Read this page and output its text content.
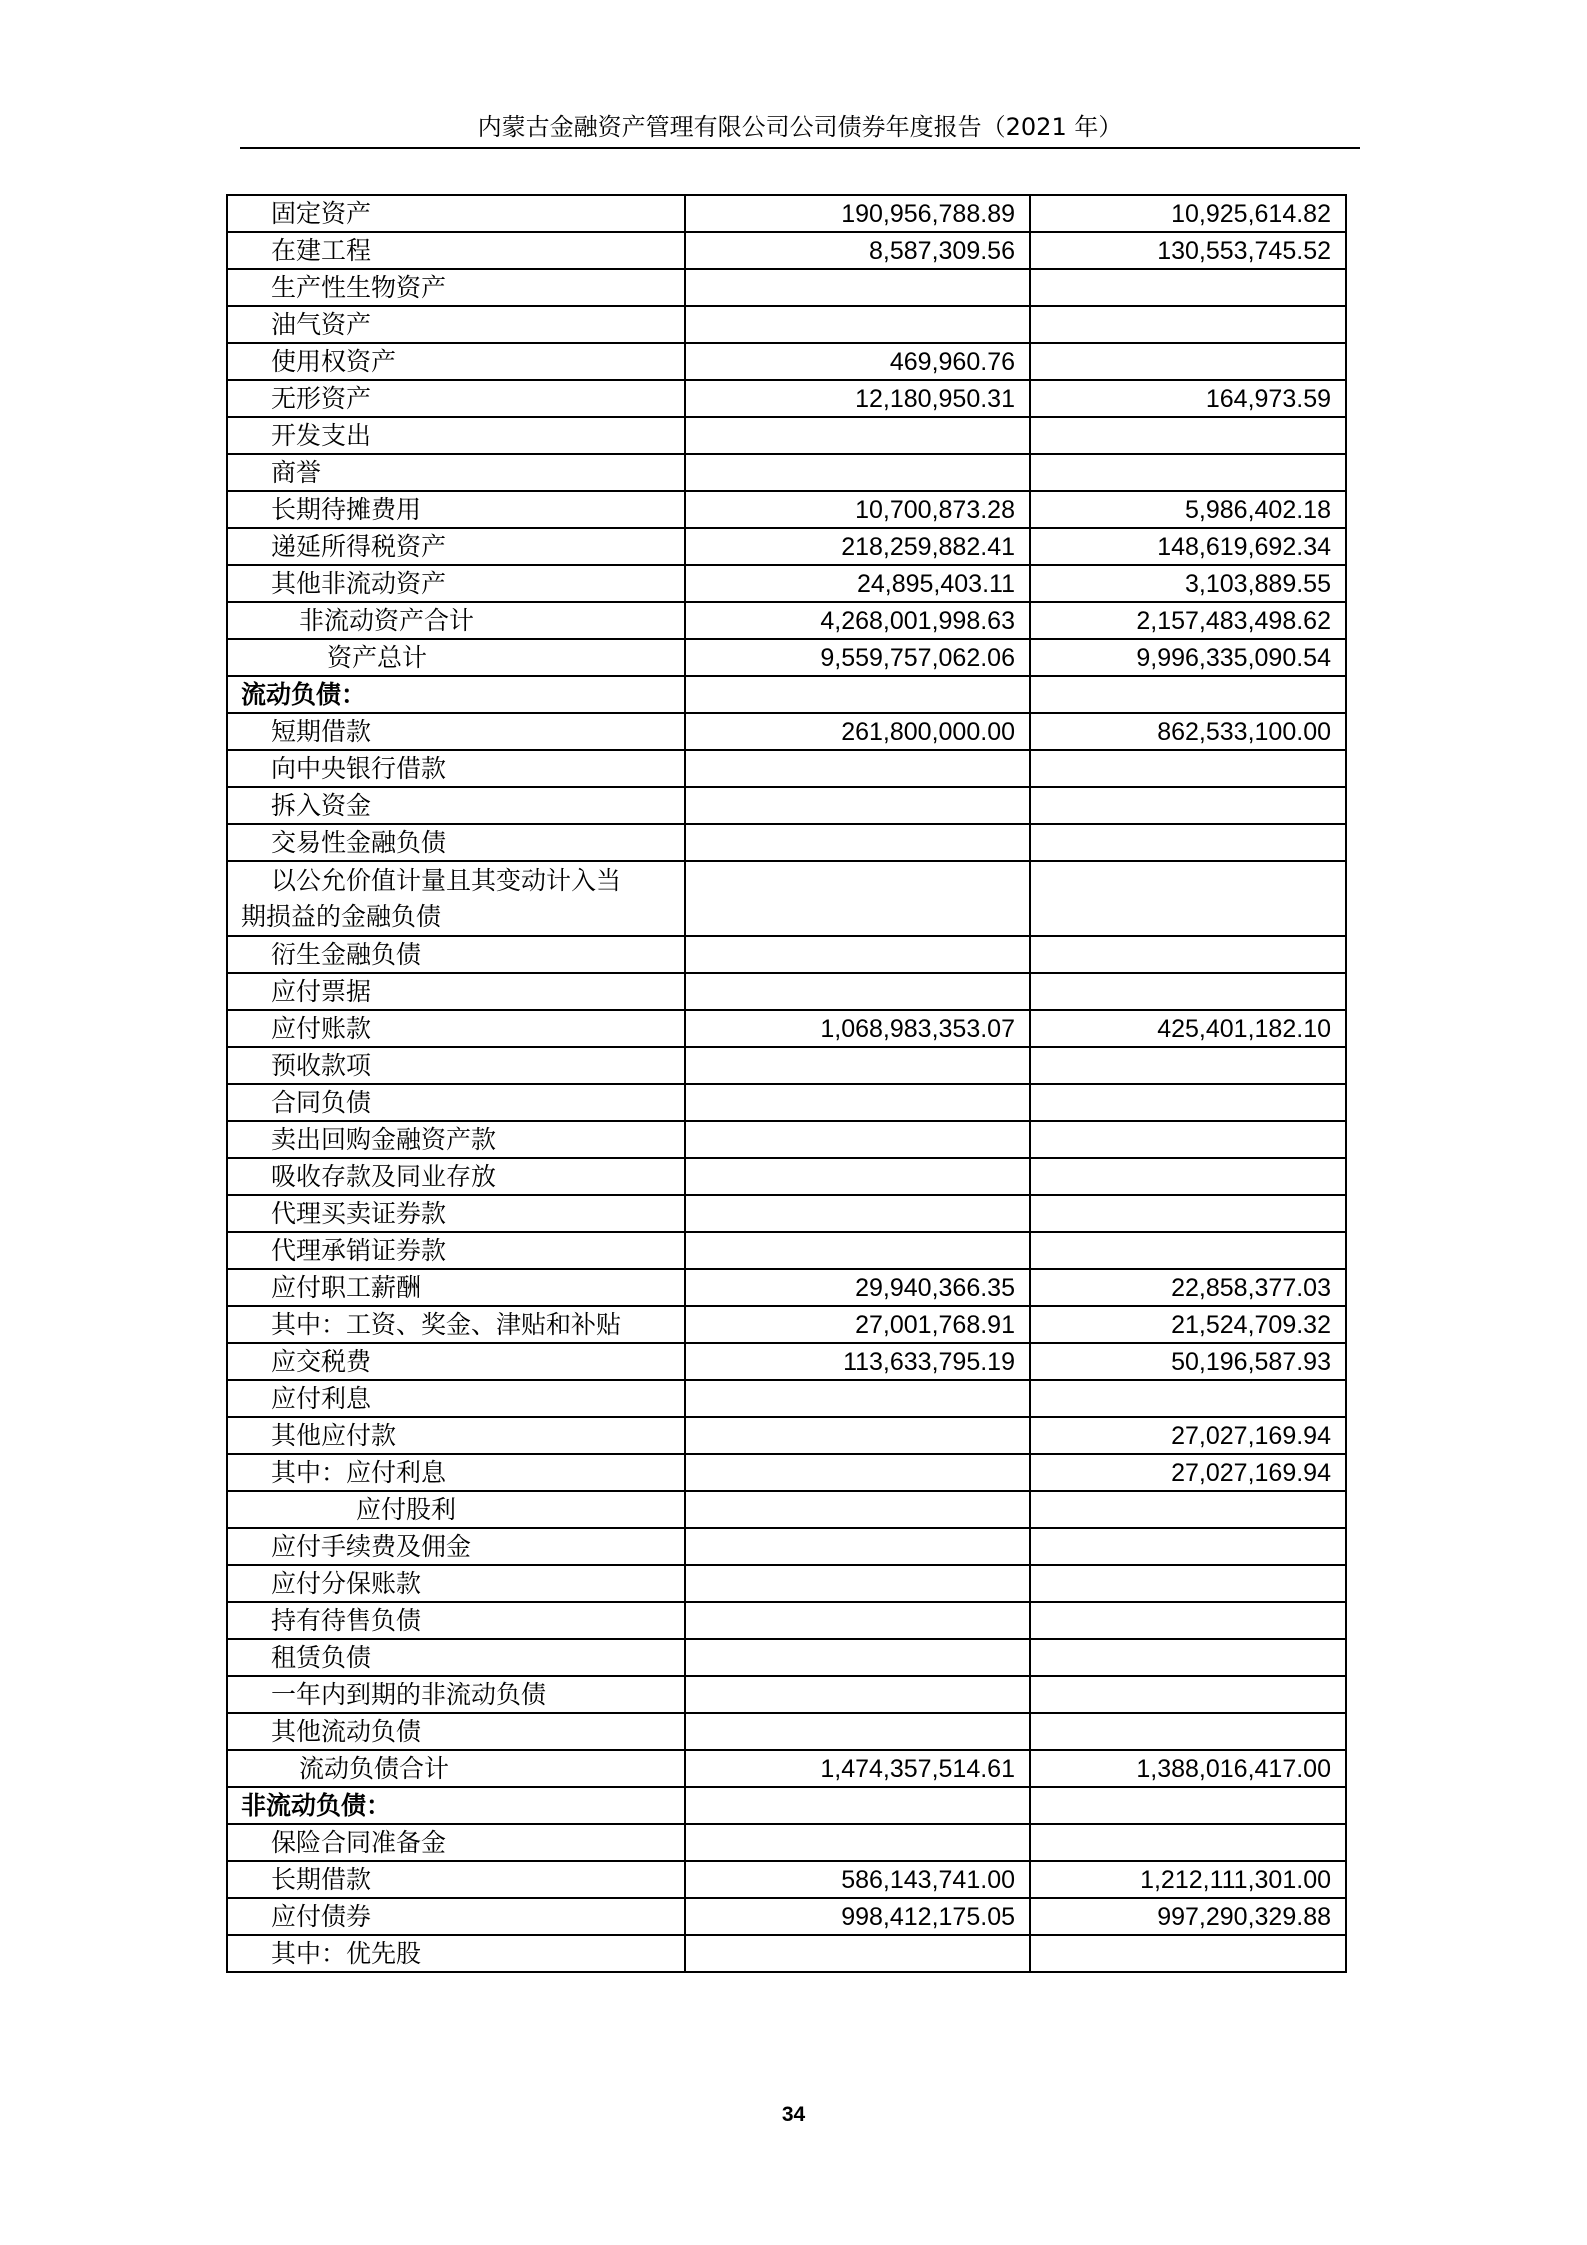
内蒙古金融资产管理有限公司公司债券年度报告（2021 年）
固定资产	190,956,788.89	10,925,614.82
在建工程	8,587,309.56	130,553,745.52
生产性生物资产		
油气资产		
使用权资产	469,960.76	
无形资产	12,180,950.31	164,973.59
开发支出		
商誉		
长期待摊费用	10,700,873.28	5,986,402.18
递延所得税资产	218,259,882.41	148,619,692.34
其他非流动资产	24,895,403.11	3,103,889.55
非流动资产合计	4,268,001,998.63	2,157,483,498.62
资产总计	9,559,757,062.06	9,996,335,090.54
流动负债：		
短期借款	261,800,000.00	862,533,100.00
向中央银行借款		
拆入资金		
交易性金融负债		
以公允价值计量且其变动计入当
期损益的金融负债		
衍生金融负债		
应付票据		
应付账款	1,068,983,353.07	425,401,182.10
预收款项		
合同负债		
卖出回购金融资产款		
吸收存款及同业存放		
代理买卖证券款		
代理承销证券款		
应付职工薪酬	29,940,366.35	22,858,377.03
其中：工资、奖金、津贴和补贴	27,001,768.91	21,524,709.32
应交税费	113,633,795.19	50,196,587.93
应付利息		
其他应付款		27,027,169.94
其中：应付利息		27,027,169.94
应付股利		
应付手续费及佣金		
应付分保账款		
持有待售负债		
租赁负债		
一年内到期的非流动负债		
其他流动负债		
流动负债合计	1,474,357,514.61	1,388,016,417.00
非流动负债：		
保险合同准备金		
长期借款	586,143,741.00	1,212,111,301.00
应付债券	998,412,175.05	997,290,329.88
其中：优先股		
34
